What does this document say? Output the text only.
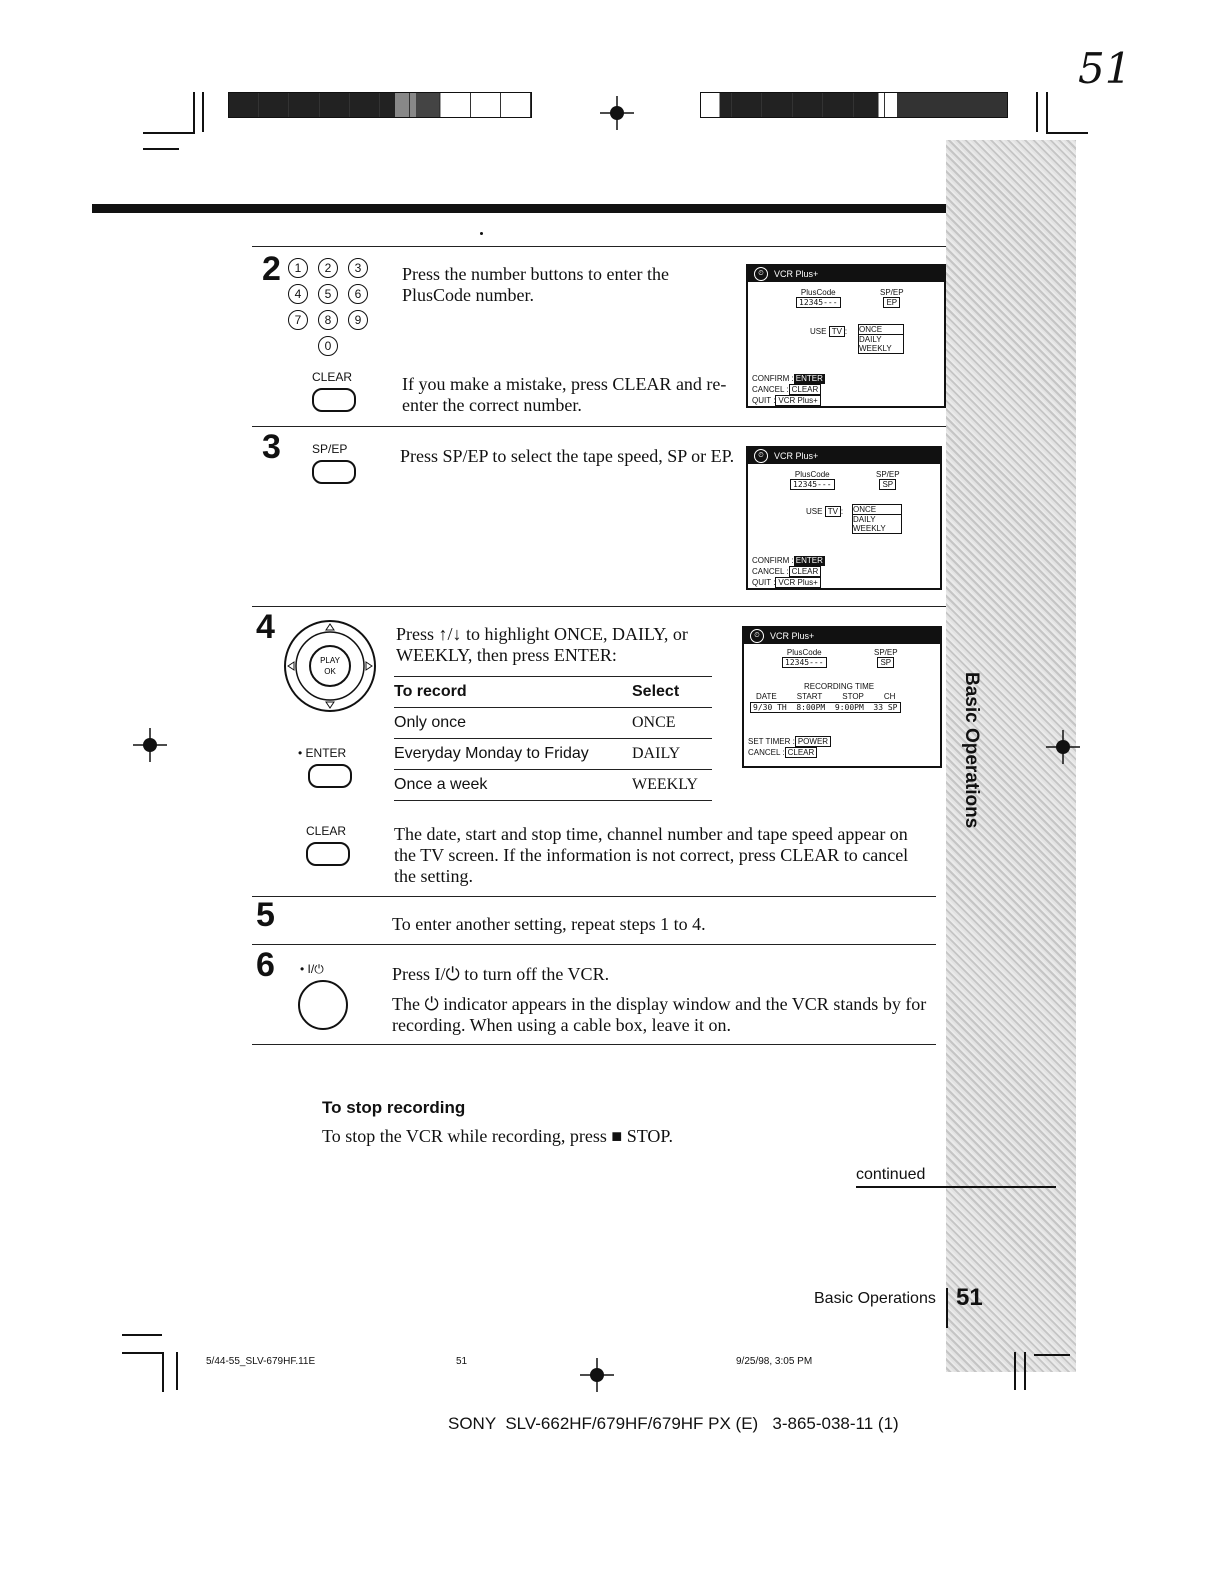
51
Basic Operations
2	1	2	3
4	5	6
7	8	9
0
CLEAR
Press the number buttons to enter the PlusCode number.
If you make a mistake, press CLEAR and re-enter the correct number.
⏲	VCR Plus+
PlusCode
12345---
SP/EP
EP
USE TV : ONCE
DAILY
WEEKLY
CONFIRM : ENTER
CANCEL : CLEAR
QUIT : VCR Plus+
3	SP/EP	Press SP/EP to select the tape speed, SP or EP.	⏲	VCR Plus+
PlusCode
12345---
SP/EP
SP
USE TV : ONCE
DAILY
WEEKLY
CONFIRM : ENTER
CANCEL : CLEAR
QUIT : VCR Plus+
4
PLAY
OK
• ENTER
Press ↑/↓ to highlight ONCE, DAILY, or WEEKLY, then press ENTER:
To record	Select
Only once	ONCE
Everyday Monday to Friday	DAILY
Once a week	WEEKLY
⏲	VCR Plus+
PlusCode
12345---
SP/EP
SP
RECORDING TIME
DATE	START	STOP	CH
9/30 TH  8:00PM  9:00PM  33 SP
SET TIMER : POWER
CANCEL : CLEAR
CLEAR	The date, start and stop time, channel number and tape speed appear on the TV screen. If the information is not correct, press CLEAR to cancel the setting.
5	To enter another setting, repeat steps 1 to 4.
6 • I/⏻	Press I/⏻ to turn off the VCR.
The ⏻ indicator appears in the display window and the VCR stands by for recording. When using a cable box, leave it on.
To stop recording
To stop the VCR while recording, press ■ STOP.
continued
Basic Operations 51
5/44-55_SLV-679HF.11E	51	9/25/98, 3:05 PM
SONY  SLV-662HF/679HF/679HF PX (E)   3-865-038-11 (1)
